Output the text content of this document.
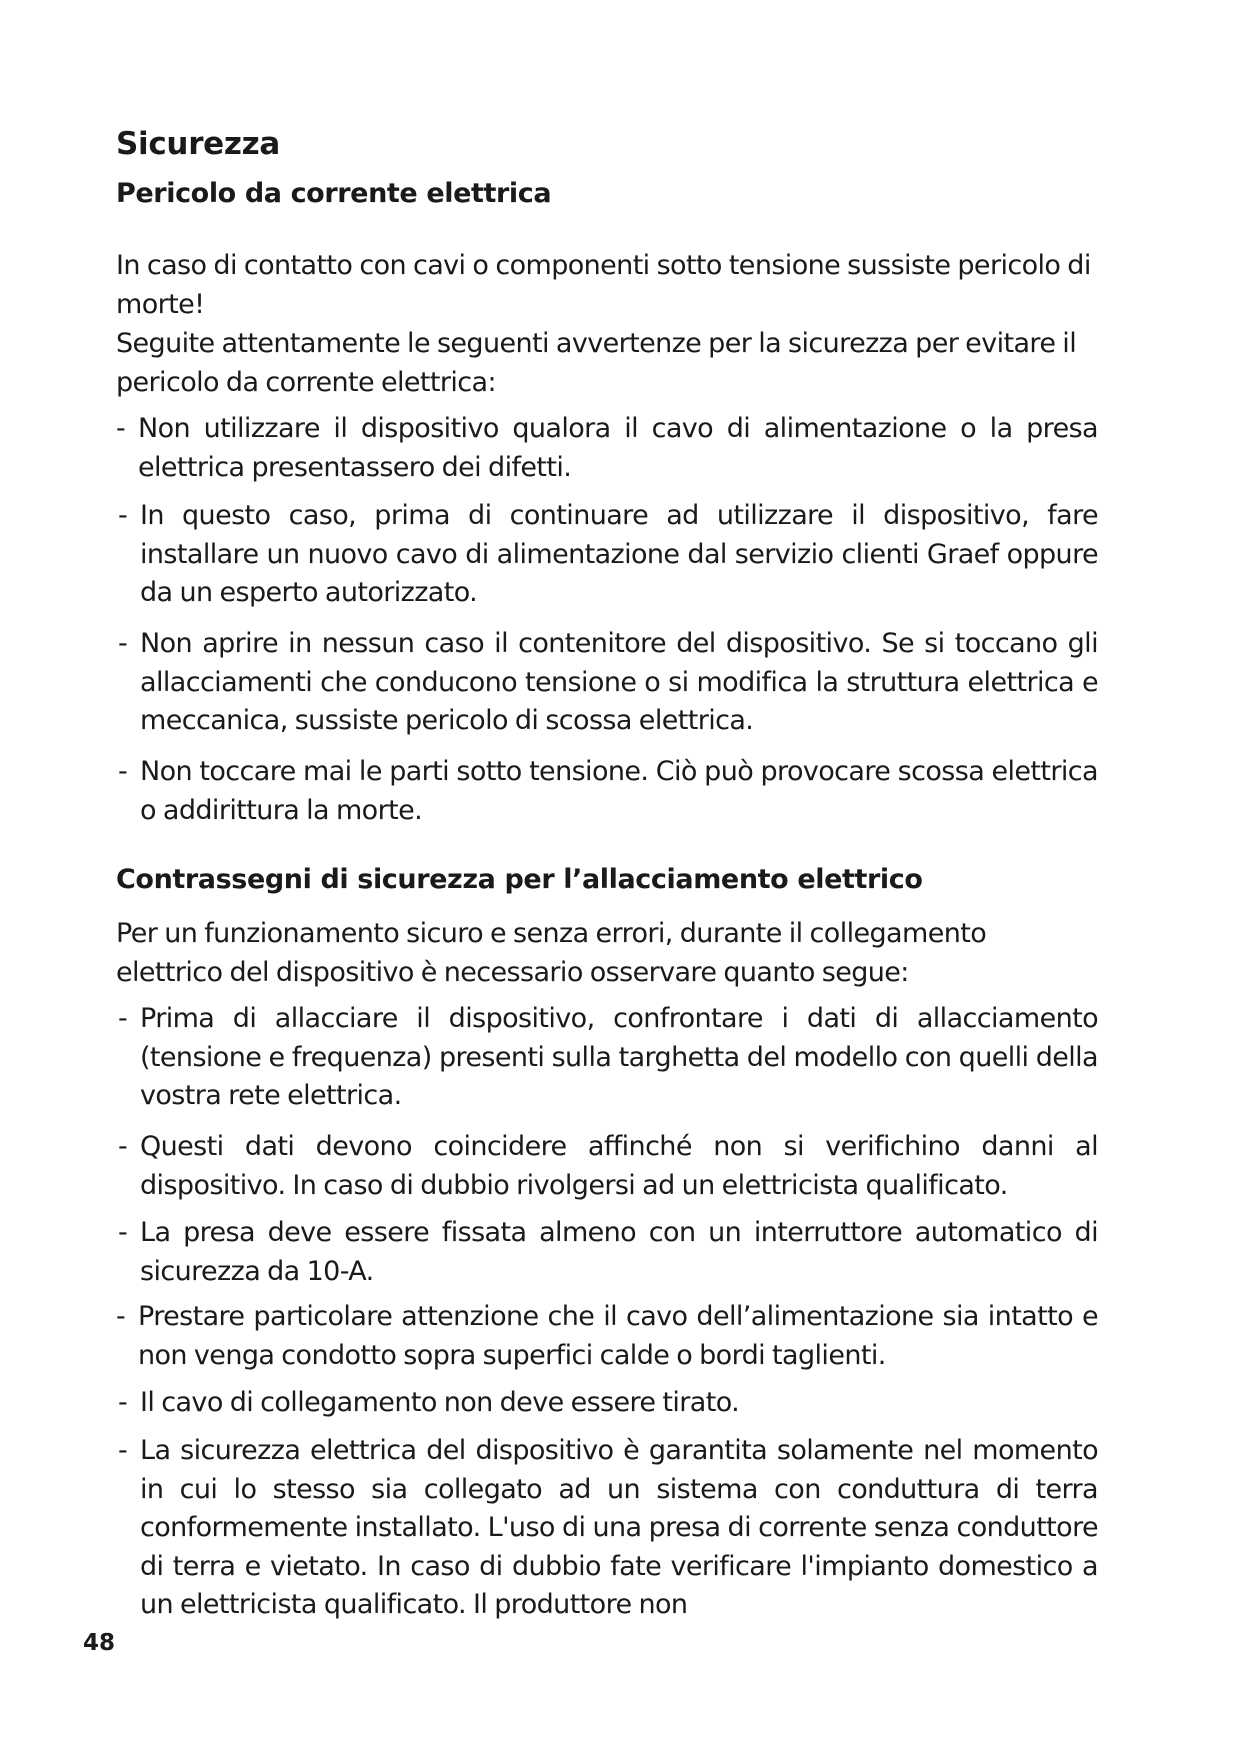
Sicurezza
Pericolo da corrente elettrica

In caso di contatto con cavi o componenti sotto tensione sussiste pericolo di morte!

Seguite attentamente le seguenti avvertenze per la sicurezza per evitare il pericolo da corrente elettrica:

- Non utilizzare il dispositivo qualora il cavo di alimentazione o la presa elettrica presentassero dei difetti.

- In questo caso, prima di continuare ad utilizzare il dispositivo, fare installare un nuovo cavo di alimentazione dal servizio clienti Graef oppure da un esperto autorizzato.

- Non aprire in nessun caso il contenitore del dispositivo. Se si toccano gli allacciamenti che conducono tensione o si modifica la struttura elettrica e meccanica, sussiste pericolo di scossa elettrica.

- Non toccare mai le parti sotto tensione. Ciò può provocare scossa elettrica o addirittura la morte.

Contrassegni di sicurezza per l’allacciamento elettrico

Per un funzionamento sicuro e senza errori, durante il collegamento elettrico del dispositivo è necessario osservare quanto segue:

- Prima di allacciare il dispositivo, confrontare i dati di allacciamento (tensione e frequenza) presenti sulla targhetta del modello con quelli della vostra rete elettrica.

- Questi dati devono coincidere affinché non si verifichino danni al dispositivo. In caso di dubbio rivolgersi ad un elettricista qualificato.

- La presa deve essere fissata almeno con un interruttore automatico di sicurezza da 10-A.

- Prestare particolare attenzione che il cavo dell’alimentazione sia intatto e non venga condotto sopra superfici calde o bordi taglienti.

- Il cavo di collegamento non deve essere tirato.

- La sicurezza elettrica del dispositivo è garantita solamente nel momento in cui lo stesso sia collegato ad un sistema con conduttura di terra conformemente installato. L'uso di una presa di corrente senza conduttore di terra e vietato. In caso di dubbio fate verificare l'impianto domestico a un elettricista qualificato. Il produttore non

48
